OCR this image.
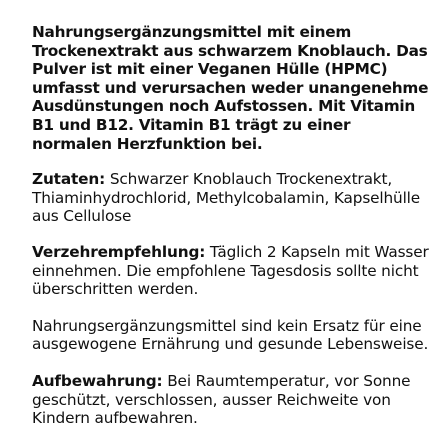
Nahrungsergänzungsmittel mit einem Trockenextrakt aus schwarzem Knoblauch. Das Pulver ist mit einer Veganen Hülle (HPMC) umfasst und verursachen weder unangenehme Ausdünstungen noch Aufstossen. Mit Vitamin B1 und B12. Vitamin B1 trägt zu einer normalen Herzfunktion bei.

Zutaten: Schwarzer Knoblauch Trockenextrakt, Thiaminhydrochlorid, Methylcobalamin, Kapselhülle aus Cellulose

Verzehrempfehlung: Täglich 2 Kapseln mit Wasser einnehmen. Die empfohlene Tagesdosis sollte nicht überschritten werden.

Nahrungsergänzungsmittel sind kein Ersatz für eine ausgewogene Ernährung und gesunde Lebensweise.

Aufbewahrung: Bei Raumtemperatur, vor Sonne geschützt, verschlossen, ausser Reichweite von Kindern aufbewahren.
